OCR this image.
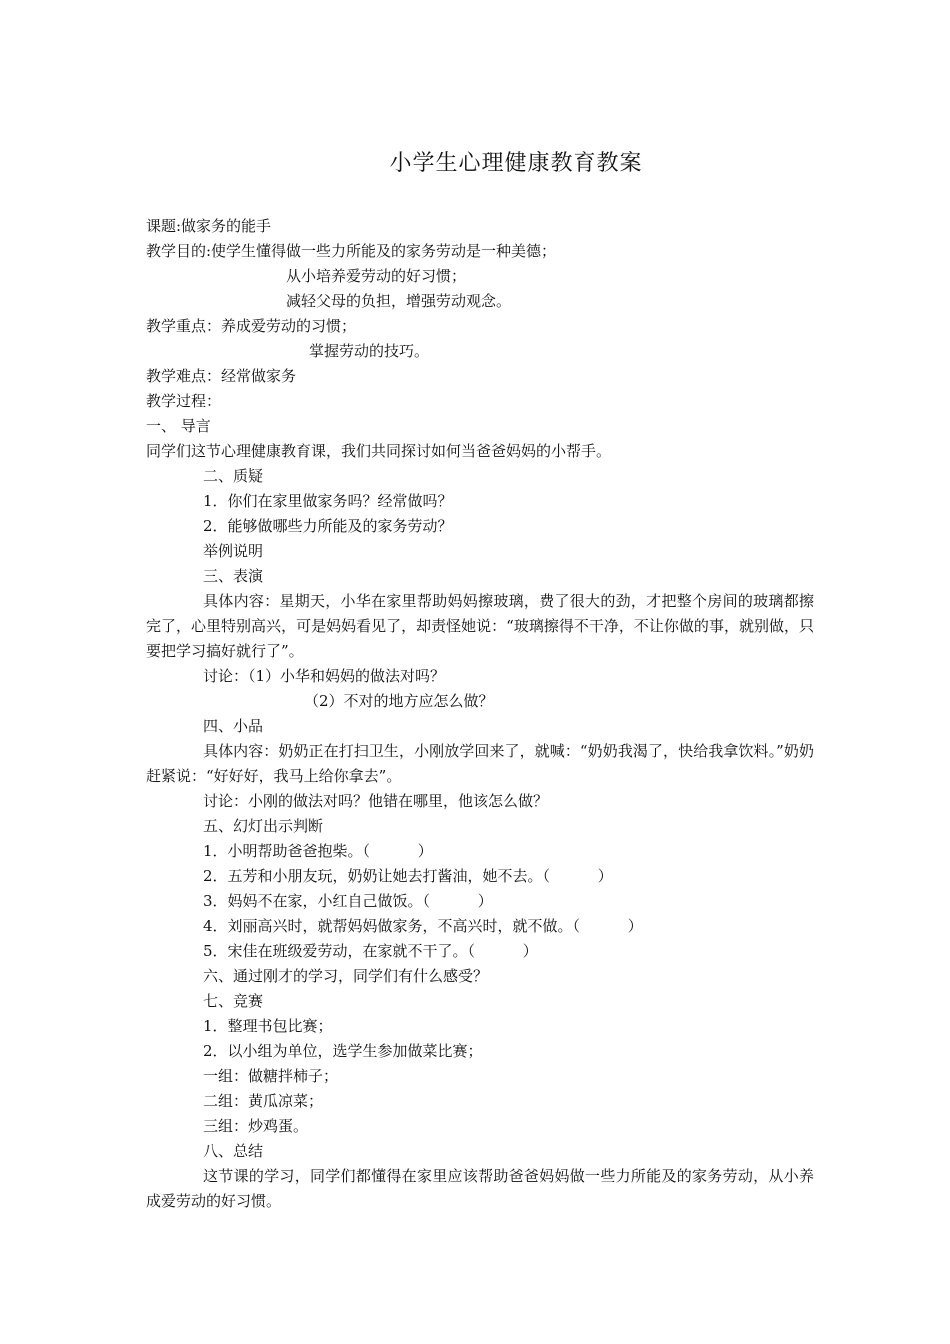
小学生心理健康教育教案
课题:做家务的能手
教学目的:使学生懂得做一些力所能及的家务劳动是一种美德；
从小培养爱劳动的好习惯；
减轻父母的负担，增强劳动观念。
教学重点：养成爱劳动的习惯；
掌握劳动的技巧。
教学难点：经常做家务
教学过程：
一、 导言
同学们这节心理健康教育课，我们共同探讨如何当爸爸妈妈的小帮手。
二、质疑
1．你们在家里做家务吗？经常做吗？
2．能够做哪些力所能及的家务劳动？
举例说明
三、表演
具体内容：星期天，小华在家里帮助妈妈擦玻璃，费了很大的劲，才把整个房间的玻璃都擦完了，心里特别高兴，可是妈妈看见了，却责怪她说：“玻璃擦得不干净，不让你做的事，就别做，只要把学习搞好就行了”。
讨论：（1）小华和妈妈的做法对吗？
（2）不对的地方应怎么做？
四、小品
具体内容：奶奶正在打扫卫生，小刚放学回来了，就喊：“奶奶我渴了，快给我拿饮料。”奶奶赶紧说：“好好好，我马上给你拿去”。
讨论：小刚的做法对吗？他错在哪里，他该怎么做？
五、幻灯出示判断
1．小明帮助爸爸抱柴。（          ）
2．五芳和小朋友玩，奶奶让她去打酱油，她不去。（          ）
3．妈妈不在家，小红自己做饭。（          ）
4．刘丽高兴时，就帮妈妈做家务，不高兴时，就不做。（          ）
5．宋佳在班级爱劳动，在家就不干了。（          ）
六、通过刚才的学习，同学们有什么感受？
七、竞赛
1．整理书包比赛；
2．以小组为单位，选学生参加做菜比赛；
一组：做糖拌柿子；
二组：黄瓜凉菜；
三组：炒鸡蛋。
八、总结
这节课的学习，同学们都懂得在家里应该帮助爸爸妈妈做一些力所能及的家务劳动，从小养成爱劳动的好习惯。
